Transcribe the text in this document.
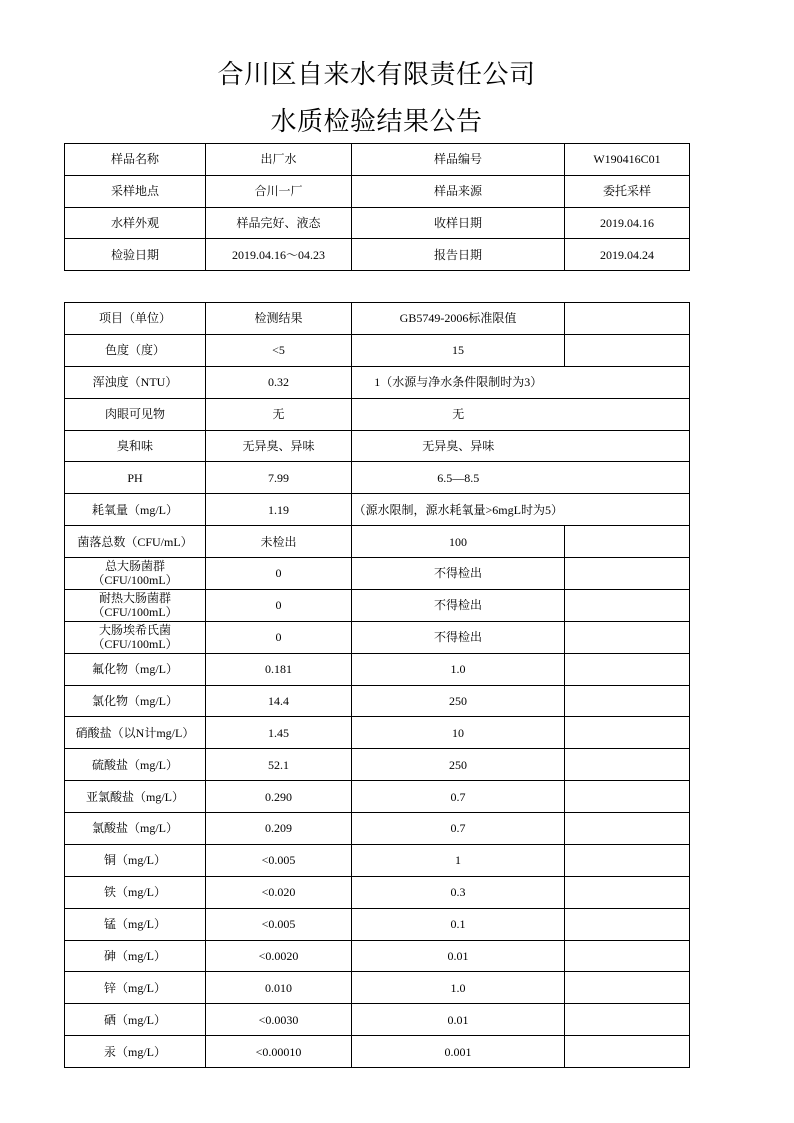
合川区自来水有限责任公司
水质检验结果公告
样品名称	出厂水	样品编号	W190416C01

采样地点	合川一厂	样品来源	委托采样

水样外观	样品完好、液态	收样日期	2019.04.16

检验日期	2019.04.16～04.23	报告日期	2019.04.24
项目（单位）	检测结果	GB5749-2006标准限值	

色度（度）	<5	15	

浑浊度（NTU）	0.32	1（水源与净水条件限制时为3）	

肉眼可见物	无	无	

臭和味	无异臭、异味	无异臭、异味	

PH	7.99	6.5—8.5	

耗氧量（mg/L）	1.19	（源水限制，源水耗氧量>6mgL时为5）	

菌落总数（CFU/mL）	未检出	100	

总大肠菌群
（CFU/100mL）	0	不得检出	

耐热大肠菌群
（CFU/100mL）	0	不得检出	

大肠埃希氏菌
（CFU/100mL）	0	不得检出	

氟化物（mg/L）	0.181	1.0	

氯化物（mg/L）	14.4	250	

硝酸盐（以N计mg/L）	1.45	10	

硫酸盐（mg/L）	52.1	250	

亚氯酸盐（mg/L）	0.290	0.7	

氯酸盐（mg/L）	0.209	0.7	

铜（mg/L）	<0.005	1	

铁（mg/L）	<0.020	0.3	

锰（mg/L）	<0.005	0.1	

砷（mg/L）	<0.0020	0.01	

锌（mg/L）	0.010	1.0	

硒（mg/L）	<0.0030	0.01	

汞（mg/L）	<0.00010	0.001	
